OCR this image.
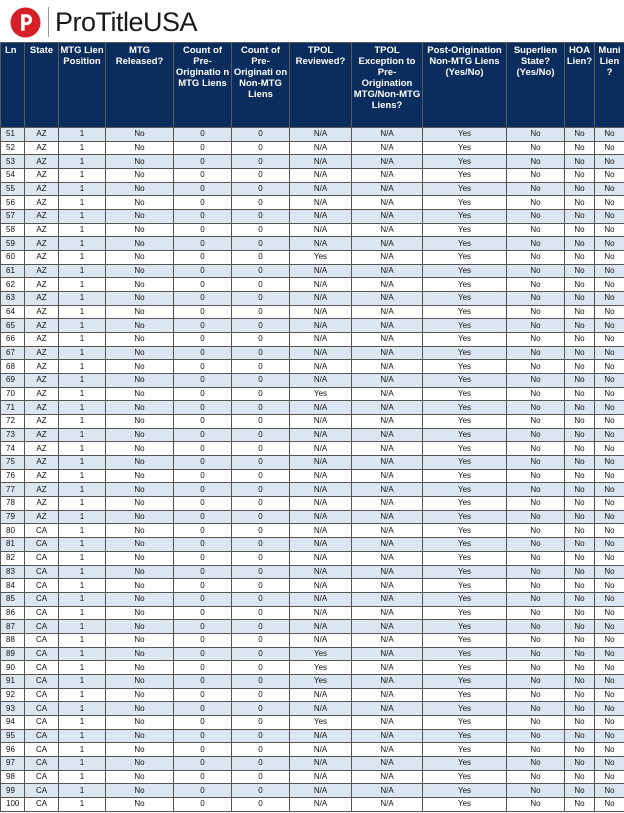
ProTitleUSA
Ln	State	MTG Lien Position	MTG Released?	Count of Pre-Originatio n MTG Liens	Count of Pre-Originati on Non-MTG Liens	TPOL Reviewed?	TPOL Exception to Pre-Origination MTG/Non-MTG Liens?	Post-Origination Non-MTG Liens (Yes/No)	Superlien State? (Yes/No)	HOA Lien?	Muni Lien ?
51	AZ	1	No	0	0	N/A	N/A	Yes	No	No	No
52	AZ	1	No	0	0	N/A	N/A	Yes	No	No	No
53	AZ	1	No	0	0	N/A	N/A	Yes	No	No	No
54	AZ	1	No	0	0	N/A	N/A	Yes	No	No	No
55	AZ	1	No	0	0	N/A	N/A	Yes	No	No	No
56	AZ	1	No	0	0	N/A	N/A	Yes	No	No	No
57	AZ	1	No	0	0	N/A	N/A	Yes	No	No	No
58	AZ	1	No	0	0	N/A	N/A	Yes	No	No	No
59	AZ	1	No	0	0	N/A	N/A	Yes	No	No	No
60	AZ	1	No	0	0	Yes	N/A	Yes	No	No	No
61	AZ	1	No	0	0	N/A	N/A	Yes	No	No	No
62	AZ	1	No	0	0	N/A	N/A	Yes	No	No	No
63	AZ	1	No	0	0	N/A	N/A	Yes	No	No	No
64	AZ	1	No	0	0	N/A	N/A	Yes	No	No	No
65	AZ	1	No	0	0	N/A	N/A	Yes	No	No	No
66	AZ	1	No	0	0	N/A	N/A	Yes	No	No	No
67	AZ	1	No	0	0	N/A	N/A	Yes	No	No	No
68	AZ	1	No	0	0	N/A	N/A	Yes	No	No	No
69	AZ	1	No	0	0	N/A	N/A	Yes	No	No	No
70	AZ	1	No	0	0	Yes	N/A	Yes	No	No	No
71	AZ	1	No	0	0	N/A	N/A	Yes	No	No	No
72	AZ	1	No	0	0	N/A	N/A	Yes	No	No	No
73	AZ	1	No	0	0	N/A	N/A	Yes	No	No	No
74	AZ	1	No	0	0	N/A	N/A	Yes	No	No	No
75	AZ	1	No	0	0	N/A	N/A	Yes	No	No	No
76	AZ	1	No	0	0	N/A	N/A	Yes	No	No	No
77	AZ	1	No	0	0	N/A	N/A	Yes	No	No	No
78	AZ	1	No	0	0	N/A	N/A	Yes	No	No	No
79	AZ	1	No	0	0	N/A	N/A	Yes	No	No	No
80	CA	1	No	0	0	N/A	N/A	Yes	No	No	No
81	CA	1	No	0	0	N/A	N/A	Yes	No	No	No
82	CA	1	No	0	0	N/A	N/A	Yes	No	No	No
83	CA	1	No	0	0	N/A	N/A	Yes	No	No	No
84	CA	1	No	0	0	N/A	N/A	Yes	No	No	No
85	CA	1	No	0	0	N/A	N/A	Yes	No	No	No
86	CA	1	No	0	0	N/A	N/A	Yes	No	No	No
87	CA	1	No	0	0	N/A	N/A	Yes	No	No	No
88	CA	1	No	0	0	N/A	N/A	Yes	No	No	No
89	CA	1	No	0	0	Yes	N/A	Yes	No	No	No
90	CA	1	No	0	0	Yes	N/A	Yes	No	No	No
91	CA	1	No	0	0	Yes	N/A	Yes	No	No	No
92	CA	1	No	0	0	N/A	N/A	Yes	No	No	No
93	CA	1	No	0	0	N/A	N/A	Yes	No	No	No
94	CA	1	No	0	0	Yes	N/A	Yes	No	No	No
95	CA	1	No	0	0	N/A	N/A	Yes	No	No	No
96	CA	1	No	0	0	N/A	N/A	Yes	No	No	No
97	CA	1	No	0	0	N/A	N/A	Yes	No	No	No
98	CA	1	No	0	0	N/A	N/A	Yes	No	No	No
99	CA	1	No	0	0	N/A	N/A	Yes	No	No	No
100	CA	1	No	0	0	N/A	N/A	Yes	No	No	No
